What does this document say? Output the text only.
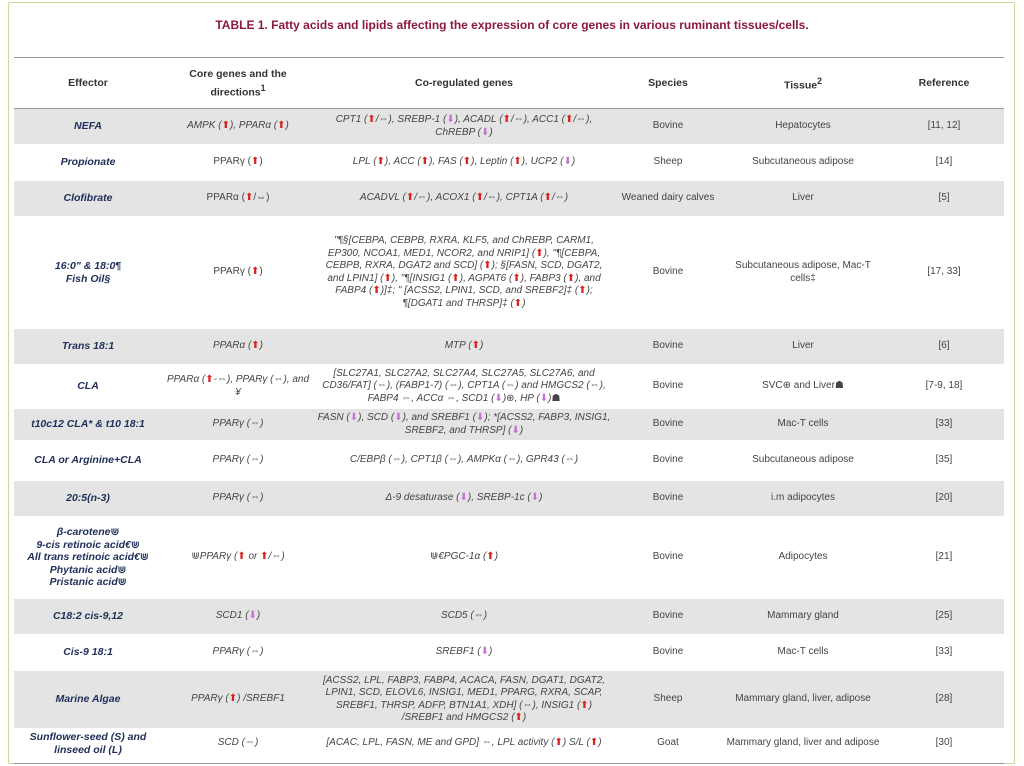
TABLE 1. Fatty acids and lipids affecting the expression of core genes in various ruminant tissues/cells.
Effector	Core genes and the directions$^1$	Co-regulated genes	Species	Tissue$^2$	Reference
NEFA	AMPK (⬆), PPARα (⬆)	CPT1 (⬆/⇔), SREBP-1 (⬇), ACADL (⬆/⇔), ACC1 (⬆/⇔), ChREBP (⬇)	Bovine	Hepatocytes	[11, 12]
Propionate	PPARγ (⬆)	LPL (⬆), ACC (⬆), FAS (⬆), Leptin (⬆), UCP2 (⬇)	Sheep	Subcutaneous adipose	[14]
Clofibrate	PPARα (⬆/⇔)	ACADVL (⬆/⇔), ACOX1 (⬆/⇔), CPT1A (⬆/⇔)	Weaned dairy calves	Liver	[5]
16:0" & 18:0¶
Fish Oil§	PPARγ (⬆)	"¶§[CEBPA, CEBPB, RXRA, KLF5, and ChREBP, CARM1, EP300, NCOA1, MED1, NCOR2, and NRIP1] (⬆), "¶[CEBPA, CEBPB, RXRA, DGAT2 and SCD] (⬆); §[FASN, SCD, DGAT2, and LPIN1] (⬆), "¶[INSIG1 (⬆), AGPAT6 (⬆), FABP3 (⬆), and FABP4 (⬆)]‡; " [ACSS2, LPIN1, SCD, and SREBF2]‡ (⬆); ¶[DGAT1 and THRSP]‡ (⬆)	Bovine	Subcutaneous adipose, Mac-T cells‡	[17, 33]
Trans 18:1	PPARα (⬆)	MTP (⬆)	Bovine	Liver	[6]
CLA	PPARα (⬆-⇔), PPARγ (⇔), and ¥	[SLC27A1, SLC27A2, SLC27A4, SLC27A5, SLC27A6, and CD36/FAT] (⇔), (FABP1-7) (⇔), CPT1A (⇔) and HMGCS2 (⇔), FABP4 ⇔, ACCα ⇔, SCD1 (⬇)⊕, HP (⬇)☗	Bovine	SVC⊕ and Liver☗	[7-9, 18]
t10c12 CLA* & t10 18:1	PPARγ (⇔)	FASN (⬇), SCD (⬇), and SREBF1 (⬇); *[ACSS2, FABP3, INSIG1, SREBF2, and THRSP] (⬇)	Bovine	Mac-T cells	[33]
CLA or Arginine+CLA	PPARγ (⇔)	C/EBPβ (⇔), CPT1β (⇔), AMPKα (⇔), GPR43 (⇔)	Bovine	Subcutaneous adipose	[35]
20:5(n-3)	PPARγ (⇔)	Δ-9 desaturase (⬇), SREBP-1c (⬇)	Bovine	i.m adipocytes	[20]
β-carotene⋓
9-cis retinoic acid€⋓
All trans retinoic acid€⋓
Phytanic acid⋓
Pristanic acid⋓	⋓PPARγ (⬆ or ⬆/⇔)	⋓€PGC-1α (⬆)	Bovine	Adipocytes	[21]
C18:2 cis-9,12	SCD1 (⬇)	SCD5 (⇔)	Bovine	Mammary gland	[25]
Cis-9 18:1	PPARγ (⇔)	SREBF1 (⬇)	Bovine	Mac-T cells	[33]
Marine Algae	PPARγ (⬆) /SREBF1	[ACSS2, LPL, FABP3, FABP4, ACACA, FASN, DGAT1, DGAT2, LPIN1, SCD, ELOVL6, INSIG1, MED1, PPARG, RXRA, SCAP, SREBF1, THRSP, ADFP, BTN1A1, XDH] (⇔), INSIG1 (⬆) /SREBF1 and HMGCS2 (⬆)	Sheep	Mammary gland, liver, adipose	[28]
Sunflower-seed (S) and linseed oil (L)	SCD (⇔)	[ACAC, LPL, FASN, ME and GPD] ⇔, LPL activity (⬆) S/L (⬆)	Goat	Mammary gland, liver and adipose	[30]
